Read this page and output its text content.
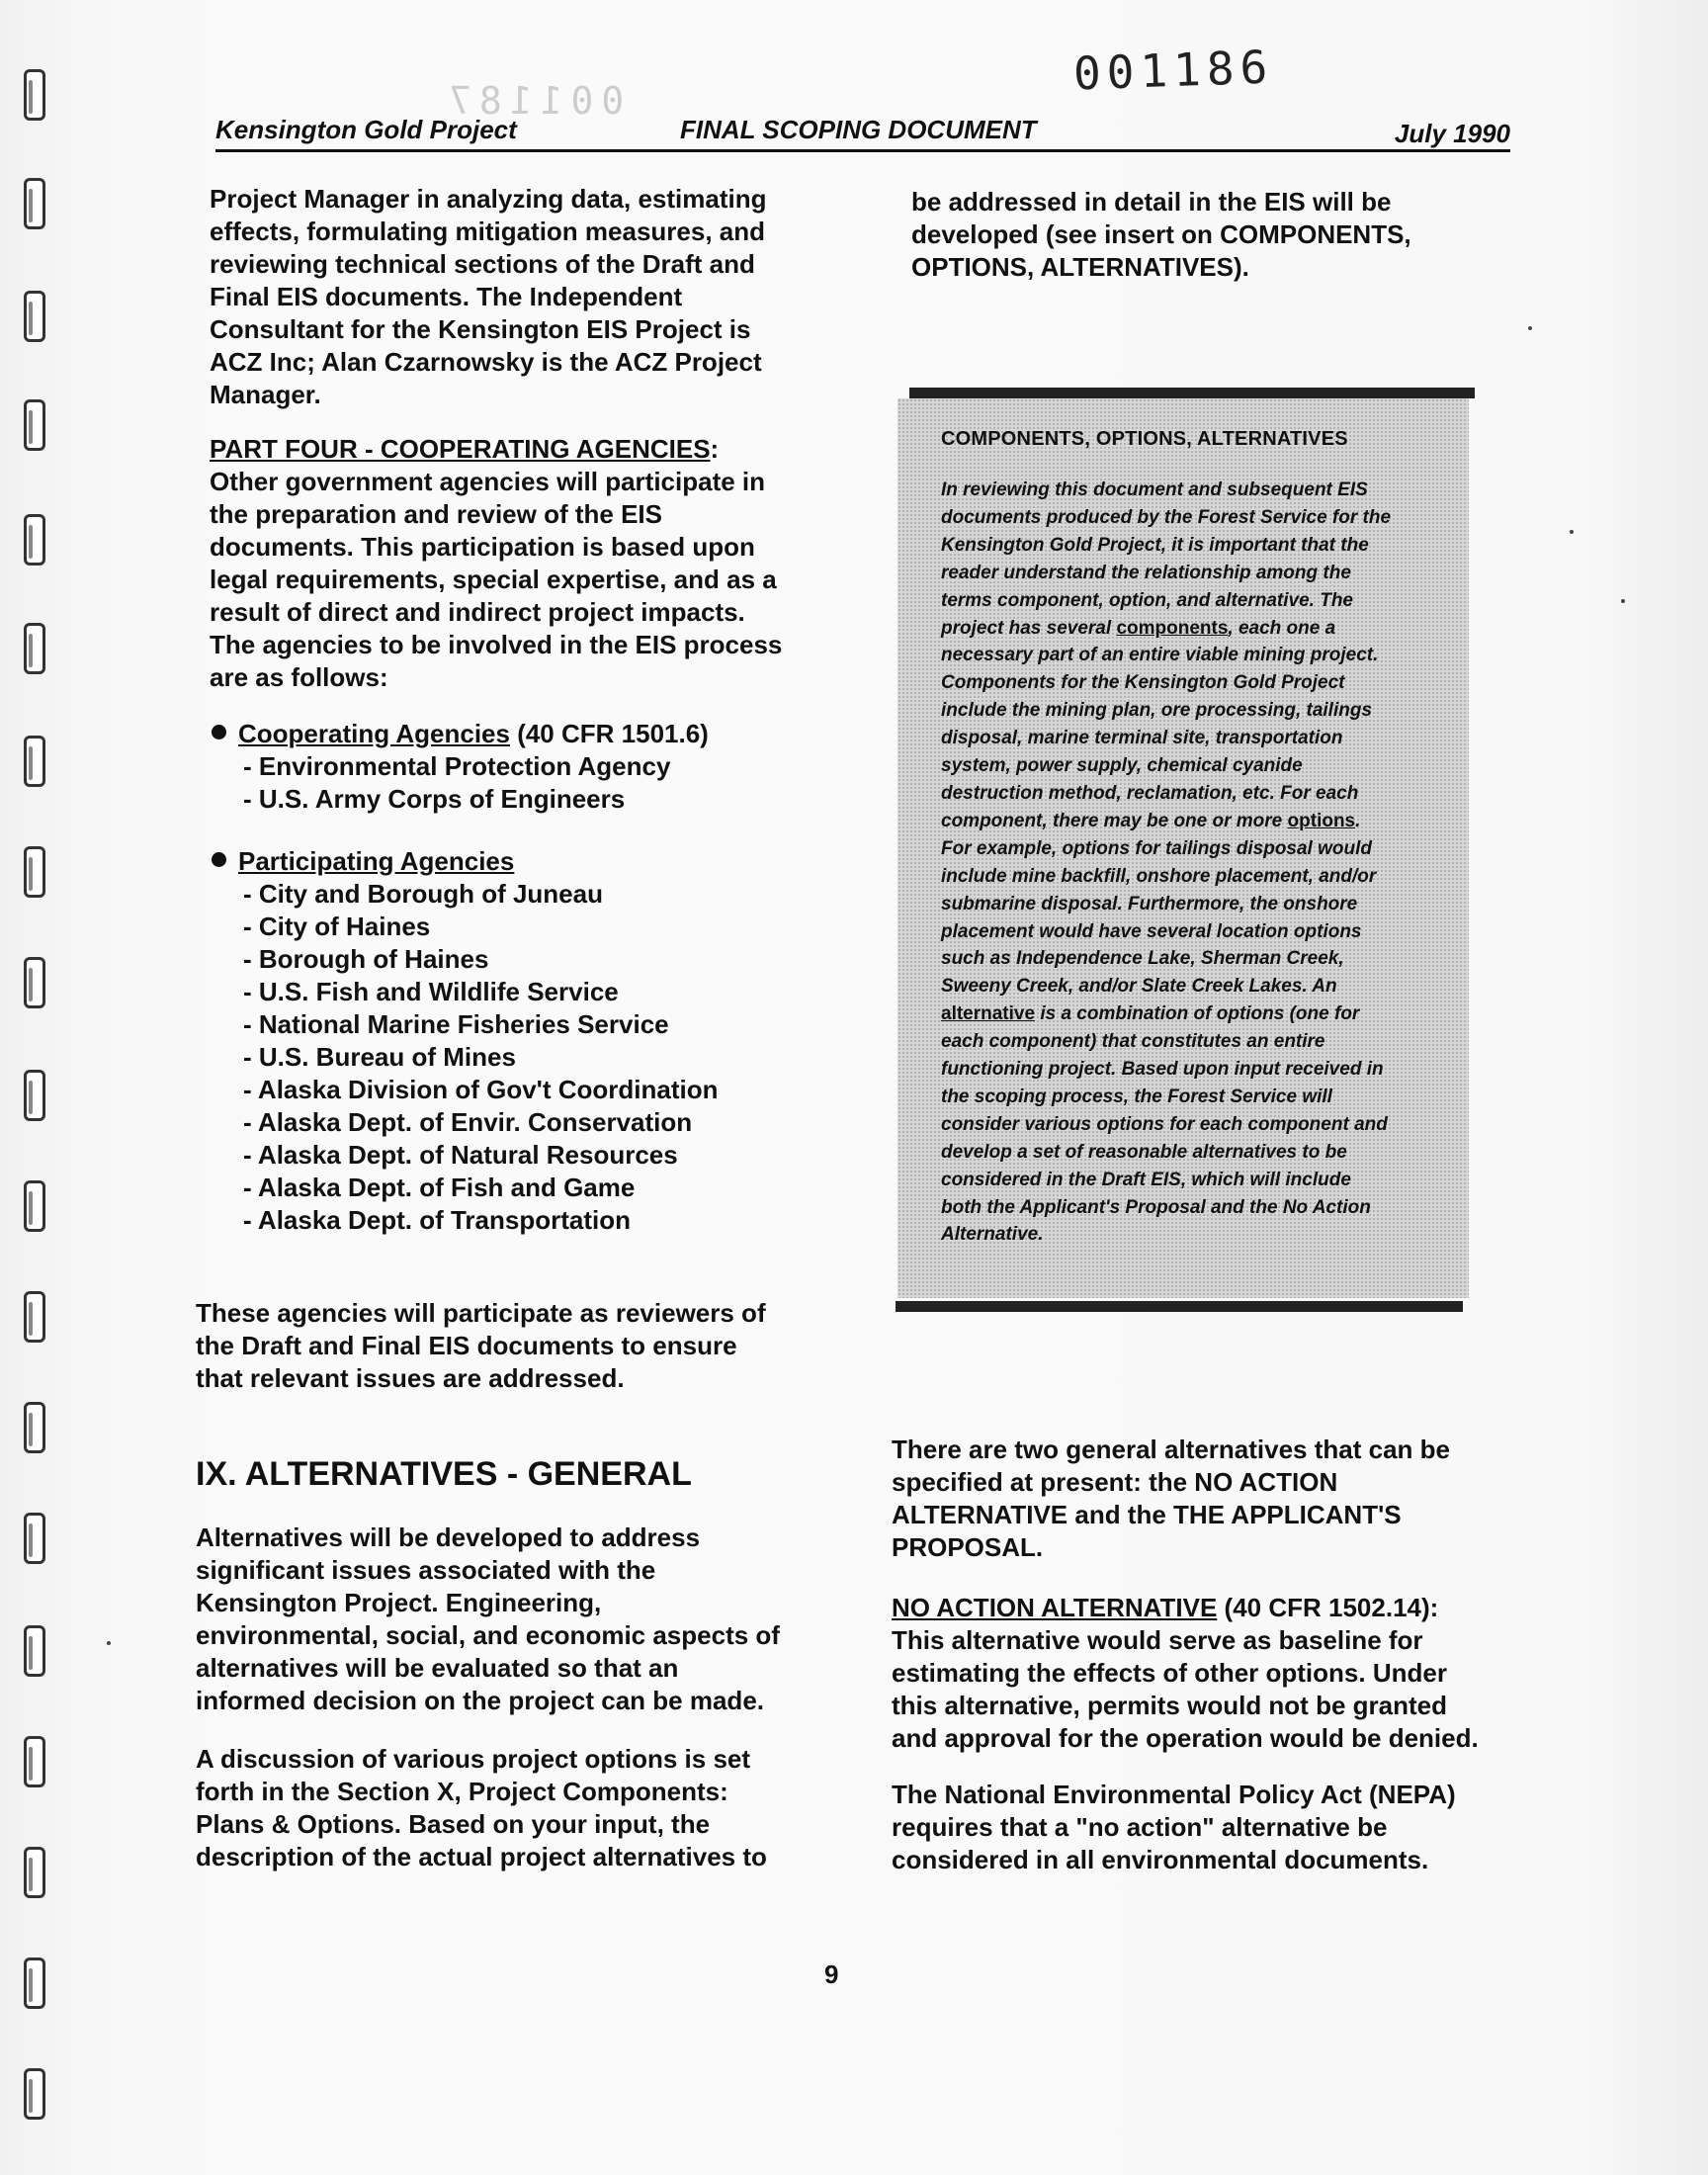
001187
001186
Kensington Gold Project	FINAL SCOPING DOCUMENT	July 1990

Project Manager in analyzing data, estimating
effects, formulating mitigation measures, and
reviewing technical sections of the Draft and
Final EIS documents. The Independent
Consultant for the Kensington EIS Project is
ACZ Inc; Alan Czarnowsky is the ACZ Project
Manager.

PART FOUR - COOPERATING AGENCIES:
Other government agencies will participate in
the preparation and review of the EIS
documents. This participation is based upon
legal requirements, special expertise, and as a
result of direct and indirect project impacts.
The agencies to be involved in the EIS process
are as follows:

Cooperating Agencies (40 CFR 1501.6)
- Environmental Protection Agency
- U.S. Army Corps of Engineers
Participating Agencies
- City and Borough of Juneau
- City of Haines
- Borough of Haines
- U.S. Fish and Wildlife Service
- National Marine Fisheries Service
- U.S. Bureau of Mines
- Alaska Division of Gov't Coordination
- Alaska Dept. of Envir. Conservation
- Alaska Dept. of Natural Resources
- Alaska Dept. of Fish and Game
- Alaska Dept. of Transportation

These agencies will participate as reviewers of
the Draft and Final EIS documents to ensure
that relevant issues are addressed.

IX. ALTERNATIVES - GENERAL

Alternatives will be developed to address
significant issues associated with the
Kensington Project. Engineering,
environmental, social, and economic aspects of
alternatives will be evaluated so that an
informed decision on the project can be made.

A discussion of various project options is set
forth in the Section X, Project Components:
Plans & Options. Based on your input, the
description of the actual project alternatives to

be addressed in detail in the EIS will be
developed (see insert on COMPONENTS,
OPTIONS, ALTERNATIVES).

COMPONENTS, OPTIONS, ALTERNATIVES
In reviewing this document and subsequent EIS
documents produced by the Forest Service for the
Kensington Gold Project, it is important that the
reader understand the relationship among the
terms component, option, and alternative. The
project has several components, each one a
necessary part of an entire viable mining project.
Components for the Kensington Gold Project
include the mining plan, ore processing, tailings
disposal, marine terminal site, transportation
system, power supply, chemical cyanide
destruction method, reclamation, etc. For each
component, there may be one or more options.
For example, options for tailings disposal would
include mine backfill, onshore placement, and/or
submarine disposal. Furthermore, the onshore
placement would have several location options
such as Independence Lake, Sherman Creek,
Sweeny Creek, and/or Slate Creek Lakes. An
alternative is a combination of options (one for
each component) that constitutes an entire
functioning project. Based upon input received in
the scoping process, the Forest Service will
consider various options for each component and
develop a set of reasonable alternatives to be
considered in the Draft EIS, which will include
both the Applicant's Proposal and the No Action
Alternative.

There are two general alternatives that can be
specified at present: the NO ACTION
ALTERNATIVE and the THE APPLICANT'S
PROPOSAL.

NO ACTION ALTERNATIVE (40 CFR 1502.14):
This alternative would serve as baseline for
estimating the effects of other options. Under
this alternative, permits would not be granted
and approval for the operation would be denied.

The National Environmental Policy Act (NEPA)
requires that a "no action" alternative be
considered in all environmental documents.

9
